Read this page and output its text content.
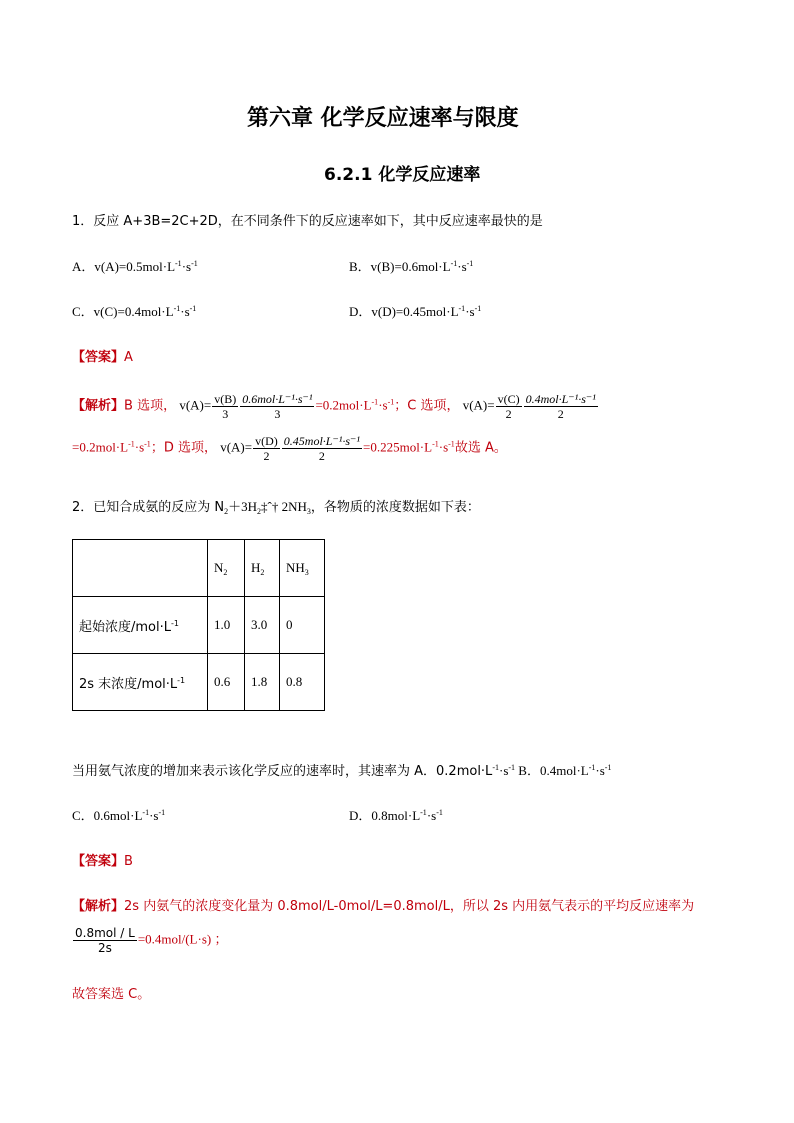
第六章 化学反应速率与限度
6.2.1 化学反应速率
1．反应 A+3B=2C+2D，在不同条件下的反应速率如下，其中反应速率最快的是
A．$v(A)=0.5mol\cdot L^{-1}\cdot s^{-1}$	B．$v(B)=0.6mol\cdot L^{-1}\cdot s^{-1}$
C．$v(C)=0.4mol\cdot L^{-1}\cdot s^{-1}$	D．$v(D)=0.45mol\cdot L^{-1}\cdot s^{-1}$
【答案】A
【解析】B 选项， $v(A)= \frac{v(B)}{3} \frac{\text{0.6mol·L⁻¹·s⁻¹}}{3} =0.2mol\cdot L^{-1}\cdot s^{-1}$；C 选项， $v(A)= \frac{v(C)}{2} \frac{\text{0.4mol·L⁻¹·s⁻¹}}{2}$
$=0.2mol\cdot L^{-1}\cdot s^{-1}$；D 选项， $v(A)= \frac{v(D)}{2} \frac{\text{0.45mol·L⁻¹·s⁻¹}}{2} =0.225mol\cdot L^{-1}\cdot s^{-1}$故选 A。
2．已知合成氨的反应为 $N_2+3H_2\ddagger ˆ\dagger$ $2NH_3$，各物质的浓度数据如下表：
	$N_2$	$H_2$	$NH_3$
起始浓度$/mol\cdot L^{-1}$	1.0	3.0	0
2s 末浓度$/mol\cdot L^{-1}$	0.6	1.8	0.8
当用氨气浓度的增加来表示该化学反应的速率时，其速率为 A．$0.2mol\cdot L^{-1}\cdot s^{-1}$ B．$0.4mol\cdot L^{-1}\cdot s^{-1}$
C．$0.6mol\cdot L^{-1}\cdot s^{-1}$	D．$0.8mol\cdot L^{-1}\cdot s^{-1}$
【答案】B
【解析】2s 内氨气的浓度变化量为 0.8mol/L-0mol/L=0.8mol/L，所以 2s 内用氨气表示的平均反应速率为
$\frac{\text{0.8mol / L}}{2s} =0.4mol/(L\cdot s)$ ；
故答案选 C。
